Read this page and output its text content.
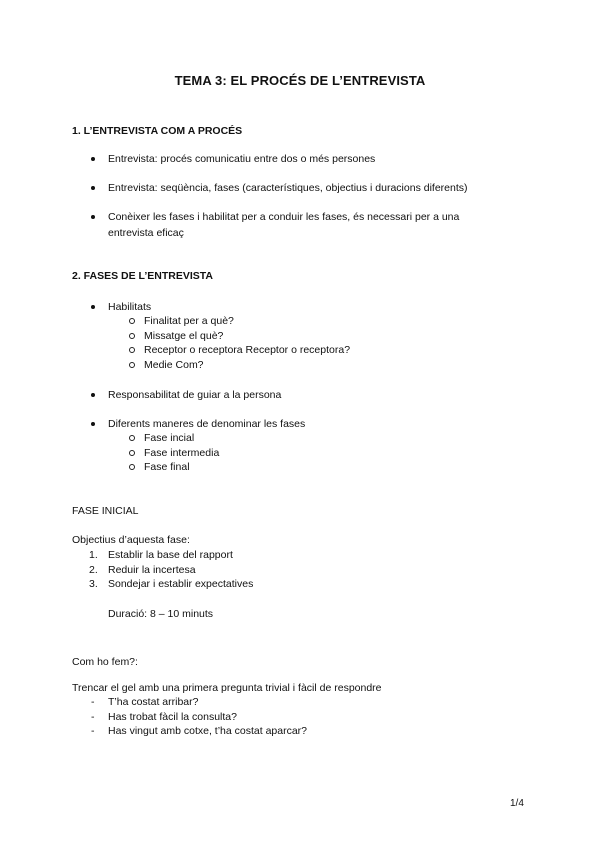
TEMA 3: EL PROCÉS DE L’ENTREVISTA
1. L’ENTREVISTA COM A PROCÉS
Entrevista: procés comunicatiu entre dos o més persones
Entrevista: seqüència, fases (característiques, objectius i duracions diferents)
Conèixer les fases i habilitat per a conduir les fases, és necessari per a una
entrevista eficaç
2. FASES DE L’ENTREVISTA
Habilitats
Finalitat per a què?
Missatge el què?
Receptor o receptora Receptor o receptora?
Medie Com?
Responsabilitat de guiar a la persona
Diferents maneres de denominar les fases
Fase incial
Fase intermedia
Fase final
FASE INICIAL
Objectius d’aquesta fase:
1. Establir la base del rapport
2. Reduir la incertesa
3. Sondejar i establir expectatives
Duració: 8 – 10 minuts
Com ho fem?:
Trencar el gel amb una primera pregunta trivial i fàcil de respondre
- T’ha costat arribar?
- Has trobat fàcil la consulta?
- Has vingut amb cotxe, t’ha costat aparcar?
1/4
